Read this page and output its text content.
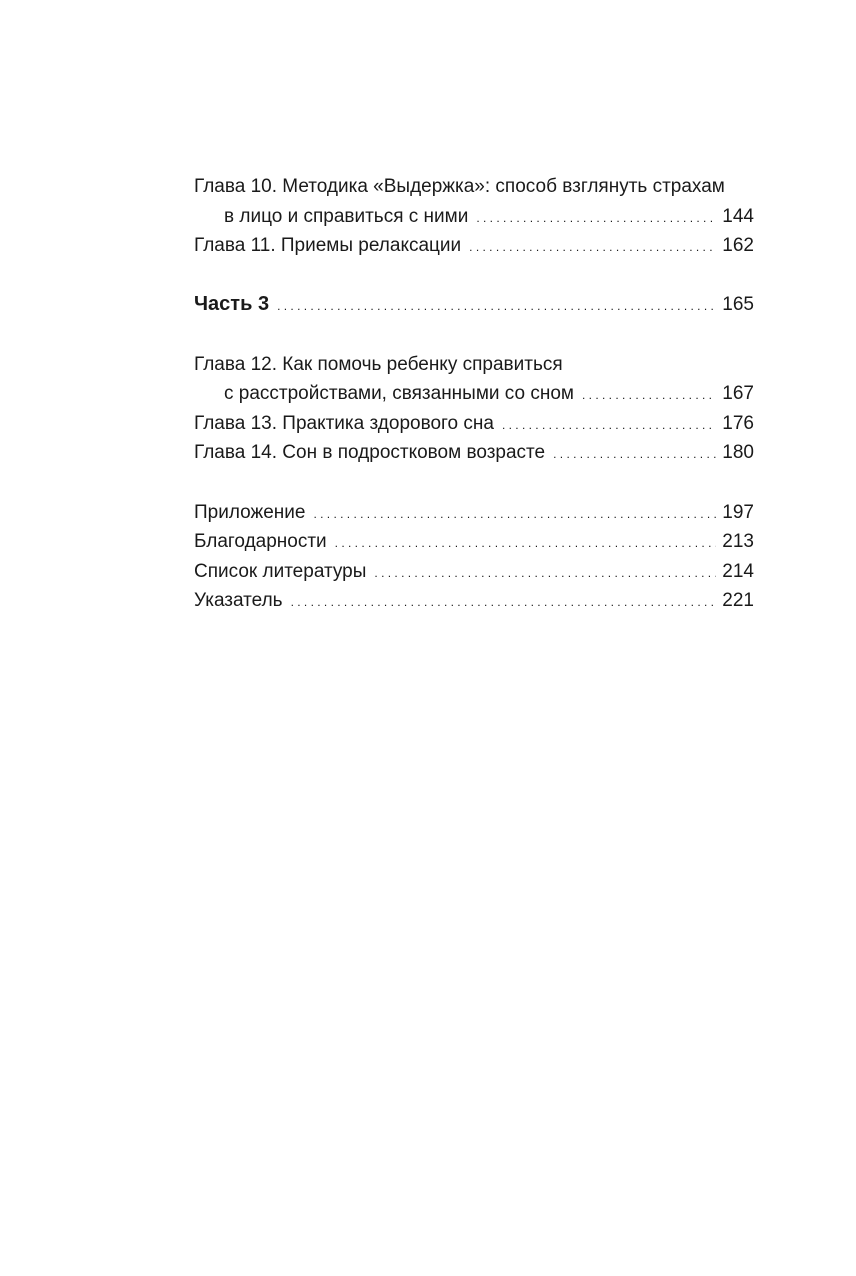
Глава 10. Методика «Выдержка»: способ взглянуть страхам
в лицо и справиться с ними . . .	144
Глава 11. Приемы релаксации . . .	162
Часть 3 . . .	165
Глава 12. Как помочь ребенку справиться
с расстройствами, связанными со сном . . .	167
Глава 13. Практика здорового сна . . .	176
Глава 14. Сон в подростковом возрасте . . .	180
Приложение . . .	197
Благодарности . . .	213
Список литературы . . .	214
Указатель . . .	221
